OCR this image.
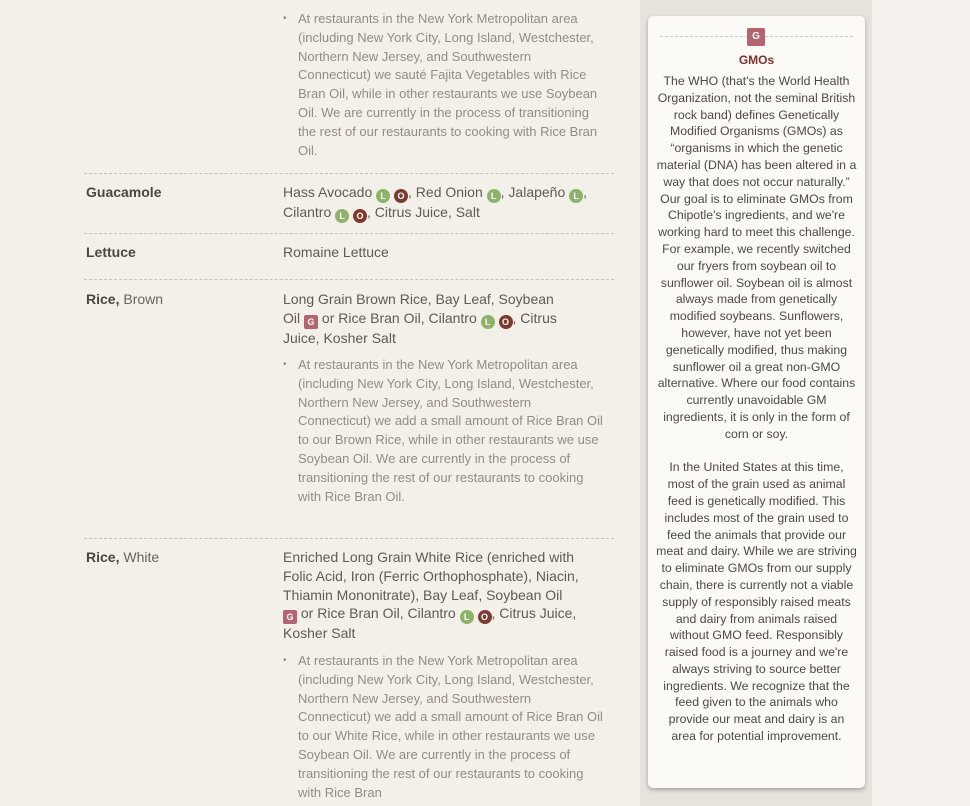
• At restaurants in the New York Metropolitan area (including New York City, Long Island, Westchester, Northern New Jersey, and Southwestern Connecticut) we sauté Fajita Vegetables with Rice Bran Oil, while in other restaurants we use Soybean Oil. We are currently in the process of transitioning the rest of our restaurants to cooking with Rice Bran Oil.
Guacamole	Hass Avocado L O , Red Onion L , Jalapeño L ,
Cilantro L O , Citrus Juice, Salt
Lettuce	Romaine Lettuce
Rice, Brown	Long Grain Brown Rice, Bay Leaf, Soybean
Oil G or Rice Bran Oil, Cilantro L O , Citrus
Juice, Kosher Salt
• At restaurants in the New York Metropolitan area (including New York City, Long Island, Westchester, Northern New Jersey, and Southwestern Connecticut) we add a small amount of Rice Bran Oil to our Brown Rice, while in other restaurants we use Soybean Oil. We are currently in the process of transitioning the rest of our restaurants to cooking with Rice Bran Oil.
Rice, White	Enriched Long Grain White Rice (enriched with
Folic Acid, Iron (Ferric Orthophosphate), Niacin,
Thiamin Mononitrate), Bay Leaf, Soybean Oil
G or Rice Bran Oil, Cilantro L O , Citrus Juice,
Kosher Salt
• At restaurants in the New York Metropolitan area (including New York City, Long Island, Westchester, Northern New Jersey, and Southwestern Connecticut) we add a small amount of Rice Bran Oil to our White Rice, while in other restaurants we use Soybean Oil. We are currently in the process of transitioning the rest of our restaurants to cooking with Rice Bran
G
GMOs

The WHO (that's the World Health Organization, not the seminal British rock band) defines Genetically Modified Organisms (GMOs) as “organisms in which the genetic material (DNA) has been altered in a way that does not occur naturally.” Our goal is to eliminate GMOs from Chipotle's ingredients, and we're working hard to meet this challenge. For example, we recently switched our fryers from soybean oil to sunflower oil. Soybean oil is almost always made from genetically modified soybeans. Sunflowers, however, have not yet been genetically modified, thus making sunflower oil a great non-GMO alternative. Where our food contains currently unavoidable GM ingredients, it is only in the form of corn or soy.

In the United States at this time, most of the grain used as animal feed is genetically modified. This includes most of the grain used to feed the animals that provide our meat and dairy. While we are striving to eliminate GMOs from our supply chain, there is currently not a viable supply of responsibly raised meats and dairy from animals raised without GMO feed. Responsibly raised food is a journey and we're always striving to source better ingredients. We recognize that the feed given to the animals who provide our meat and dairy is an area for potential improvement.
